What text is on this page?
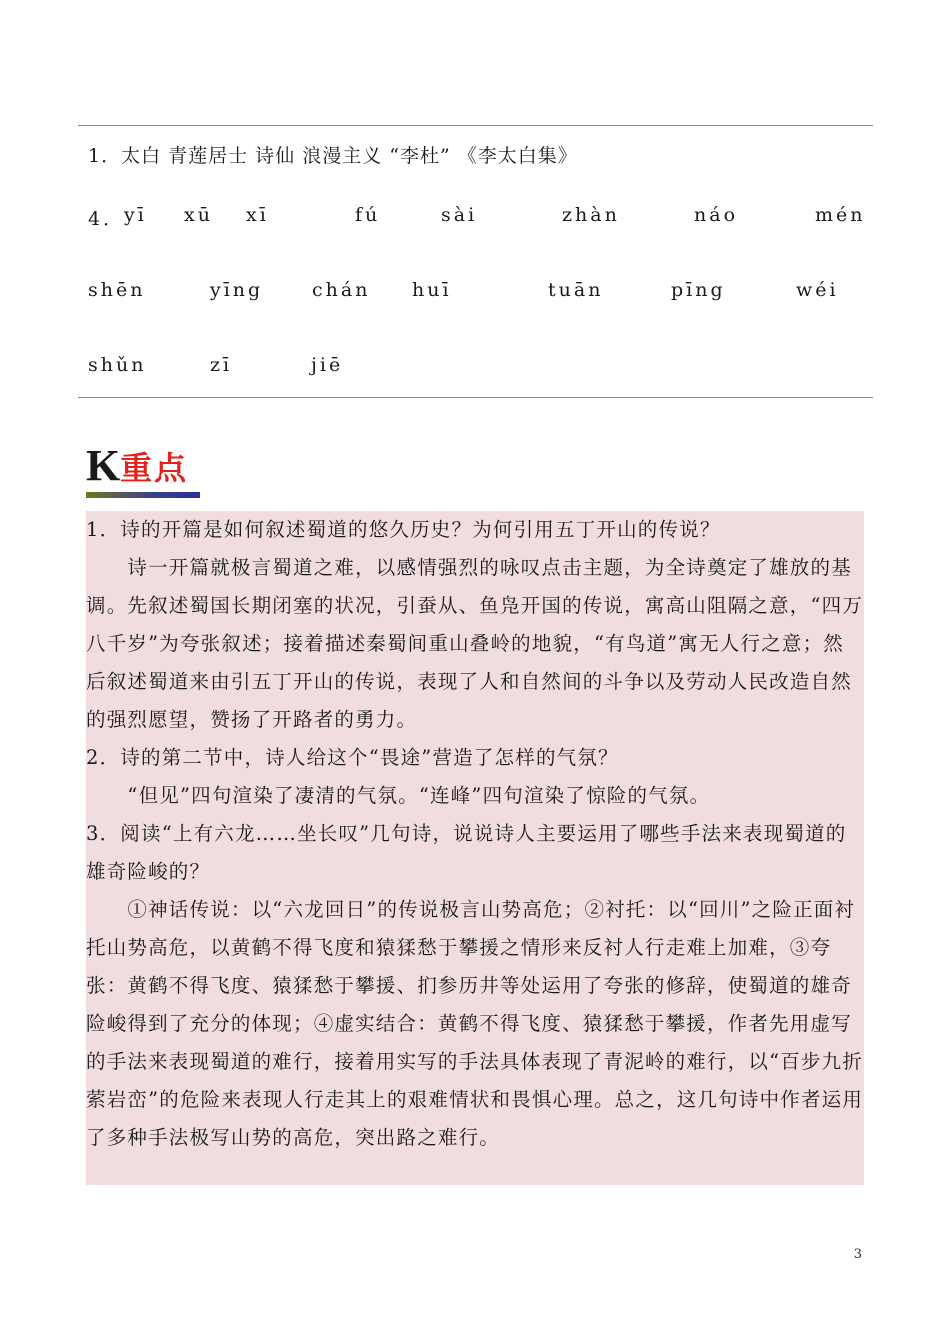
1．太白 青莲居士 诗仙 浪漫主义 “李杜” 《李太白集》
4．
yī xū xī	fú	sài	zhàn	náo	mén
shēn	yīng	chán huī	tuān	pīng	wéi
shǔn	zī	jiē
K 重点
1．诗的开篇是如何叙述蜀道的悠久历史？为何引用五丁开山的传说？
　　诗一开篇就极言蜀道之难，以感情强烈的咏叹点击主题，为全诗奠定了雄放的基调。先叙述蜀国长期闭塞的状况，引蚕从、鱼凫开国的传说，寓高山阻隔之意，“四万八千岁”为夸张叙述；接着描述秦蜀间重山叠岭的地貌，“有鸟道”寓无人行之意；然后叙述蜀道来由引五丁开山的传说，表现了人和自然间的斗争以及劳动人民改造自然的强烈愿望，赞扬了开路者的勇力。
2．诗的第二节中，诗人给这个“畏途”营造了怎样的气氛？
　　“但见”四句渲染了凄清的气氛。“连峰”四句渲染了惊险的气氛。
3．阅读“上有六龙……坐长叹”几句诗，说说诗人主要运用了哪些手法来表现蜀道的雄奇险峻的？
　　①神话传说：以“六龙回日”的传说极言山势高危；②衬托：以“回川”之险正面衬托山势高危，以黄鹤不得飞度和猿猱愁于攀援之情形来反衬人行走难上加难，③夸张：黄鹤不得飞度、猿猱愁于攀援、扪参历井等处运用了夸张的修辞，使蜀道的雄奇险峻得到了充分的体现；④虚实结合：黄鹤不得飞度、猿猱愁于攀援，作者先用虚写的手法来表现蜀道的难行，接着用实写的手法具体表现了青泥岭的难行，以“百步九折萦岩峦”的危险来表现人行走其上的艰难情状和畏惧心理。总之，这几句诗中作者运用了多种手法极写山势的高危，突出路之难行。
3
